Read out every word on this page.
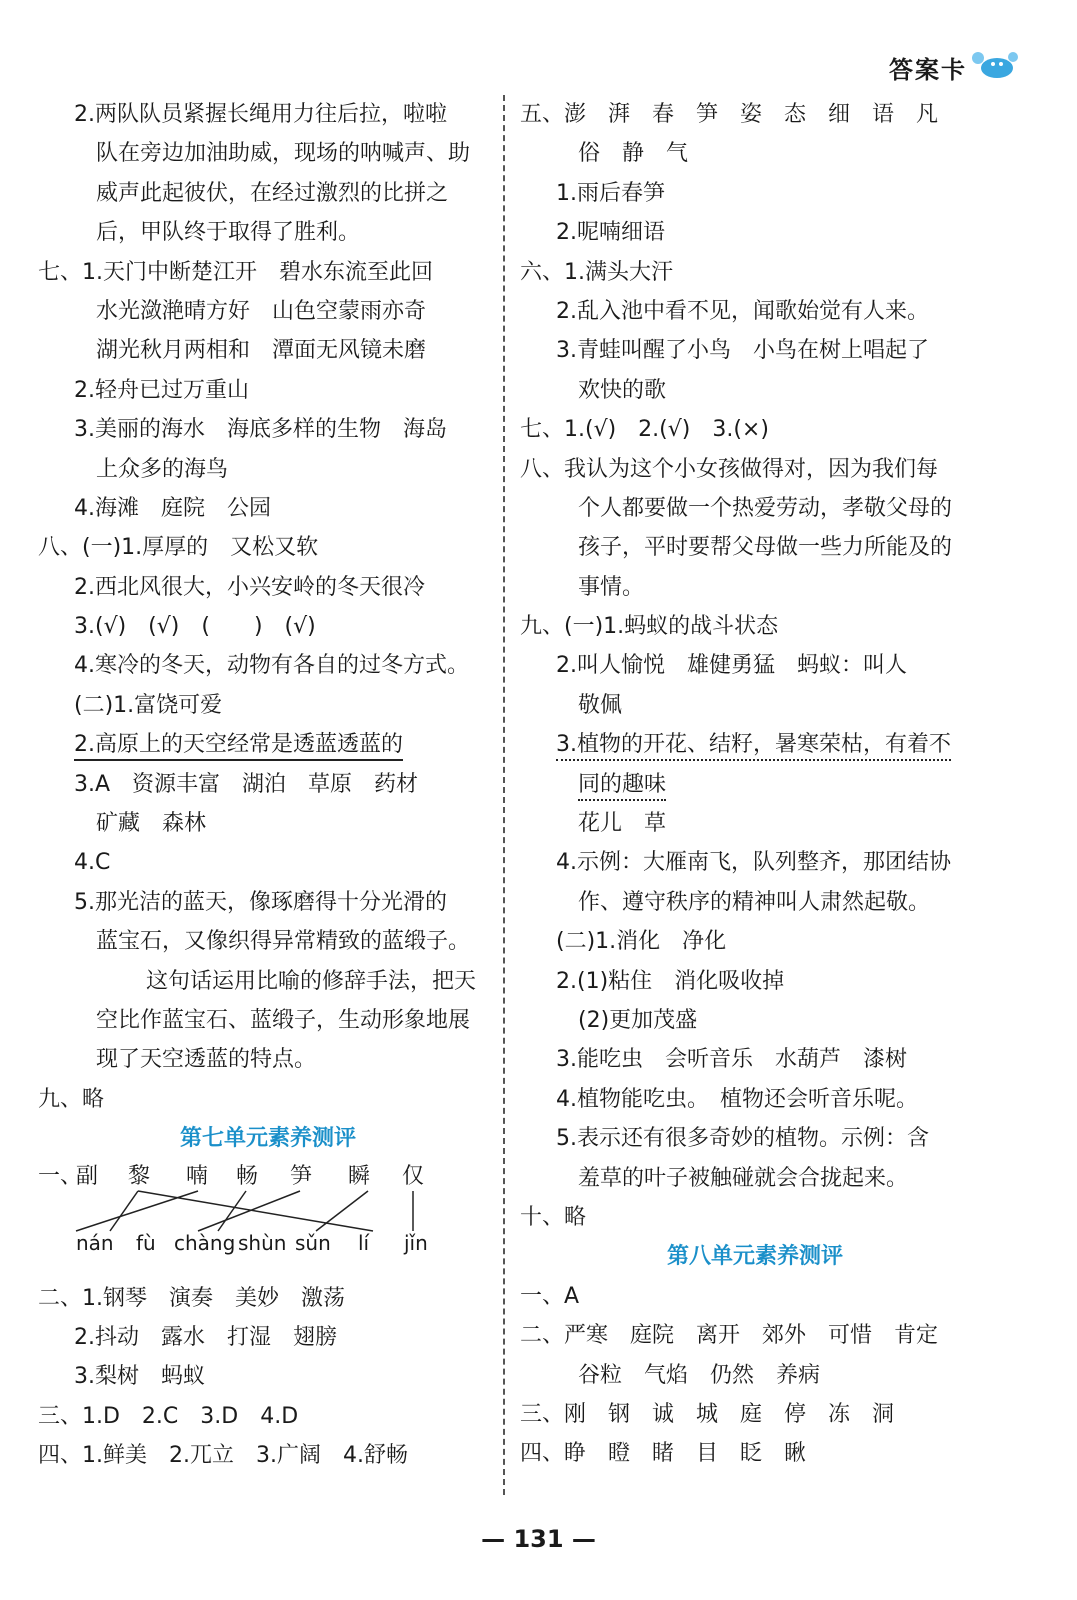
答案卡
2.两队队员紧握长绳用力往后拉，啦啦
队在旁边加油助威，现场的呐喊声、助
威声此起彼伏，在经过激烈的比拼之
后，甲队终于取得了胜利。
七、1.天门中断楚江开　碧水东流至此回
水光潋滟晴方好　山色空蒙雨亦奇
湖光秋月两相和　潭面无风镜未磨
2.轻舟已过万重山
3.美丽的海水　海底多样的生物　海岛
上众多的海鸟
4.海滩　庭院　公园
八、(一)1.厚厚的　又松又软
2.西北风很大，小兴安岭的冬天很冷
3.(√)　(√)　(　　)　(√)
4.寒冷的冬天，动物有各自的过冬方式。
(二)1.富饶可爱
2.高原上的天空经常是透蓝透蓝的
3.A　资源丰富　湖泊　草原　药材
矿藏　森林
4.C
5.那光洁的蓝天，像琢磨得十分光滑的
蓝宝石，又像织得异常精致的蓝缎子。
这句话运用比喻的修辞手法，把天
空比作蓝宝石、蓝缎子，生动形象地展
现了天空透蓝的特点。
九、略
第七单元素养测评
一、
副 黎 喃 畅 笋 瞬 仅
nán fù chàng shùn sǔn lí jǐn
二、1.钢琴　演奏　美妙　激荡
2.抖动　露水　打湿　翅膀
3.梨树　蚂蚁
三、1.D　2.C　3.D　4.D
四、1.鲜美　2.兀立　3.广阔　4.舒畅
五、澎　湃　春　笋　姿　态　细　语　凡
俗　静　气
1.雨后春笋
2.呢喃细语
六、1.满头大汗
2.乱入池中看不见，闻歌始觉有人来。
3.青蛙叫醒了小鸟　小鸟在树上唱起了
欢快的歌
七、1.(√)　2.(√)　3.(×)
八、我认为这个小女孩做得对，因为我们每
个人都要做一个热爱劳动，孝敬父母的
孩子，平时要帮父母做一些力所能及的
事情。
九、(一)1.蚂蚁的战斗状态
2.叫人愉悦　雄健勇猛　蚂蚁：叫人
敬佩
3.植物的开花、结籽，暑寒荣枯，有着不
同的趣味
花儿　草
4.示例：大雁南飞，队列整齐，那团结协
作、遵守秩序的精神叫人肃然起敬。
(二)1.消化　净化
2.(1)粘住　消化吸收掉
(2)更加茂盛
3.能吃虫　会听音乐　水葫芦　漆树
4.植物能吃虫。　植物还会听音乐呢。
5.表示还有很多奇妙的植物。示例：含
羞草的叶子被触碰就会合拢起来。
十、略
第八单元素养测评
一、A
二、严寒　庭院　离开　郊外　可惜　肯定
谷粒　气焰　仍然　养病
三、刚　钢　诚　城　庭　停　冻　洞
四、睁　瞪　睹　目　眨　瞅
— 131 —
